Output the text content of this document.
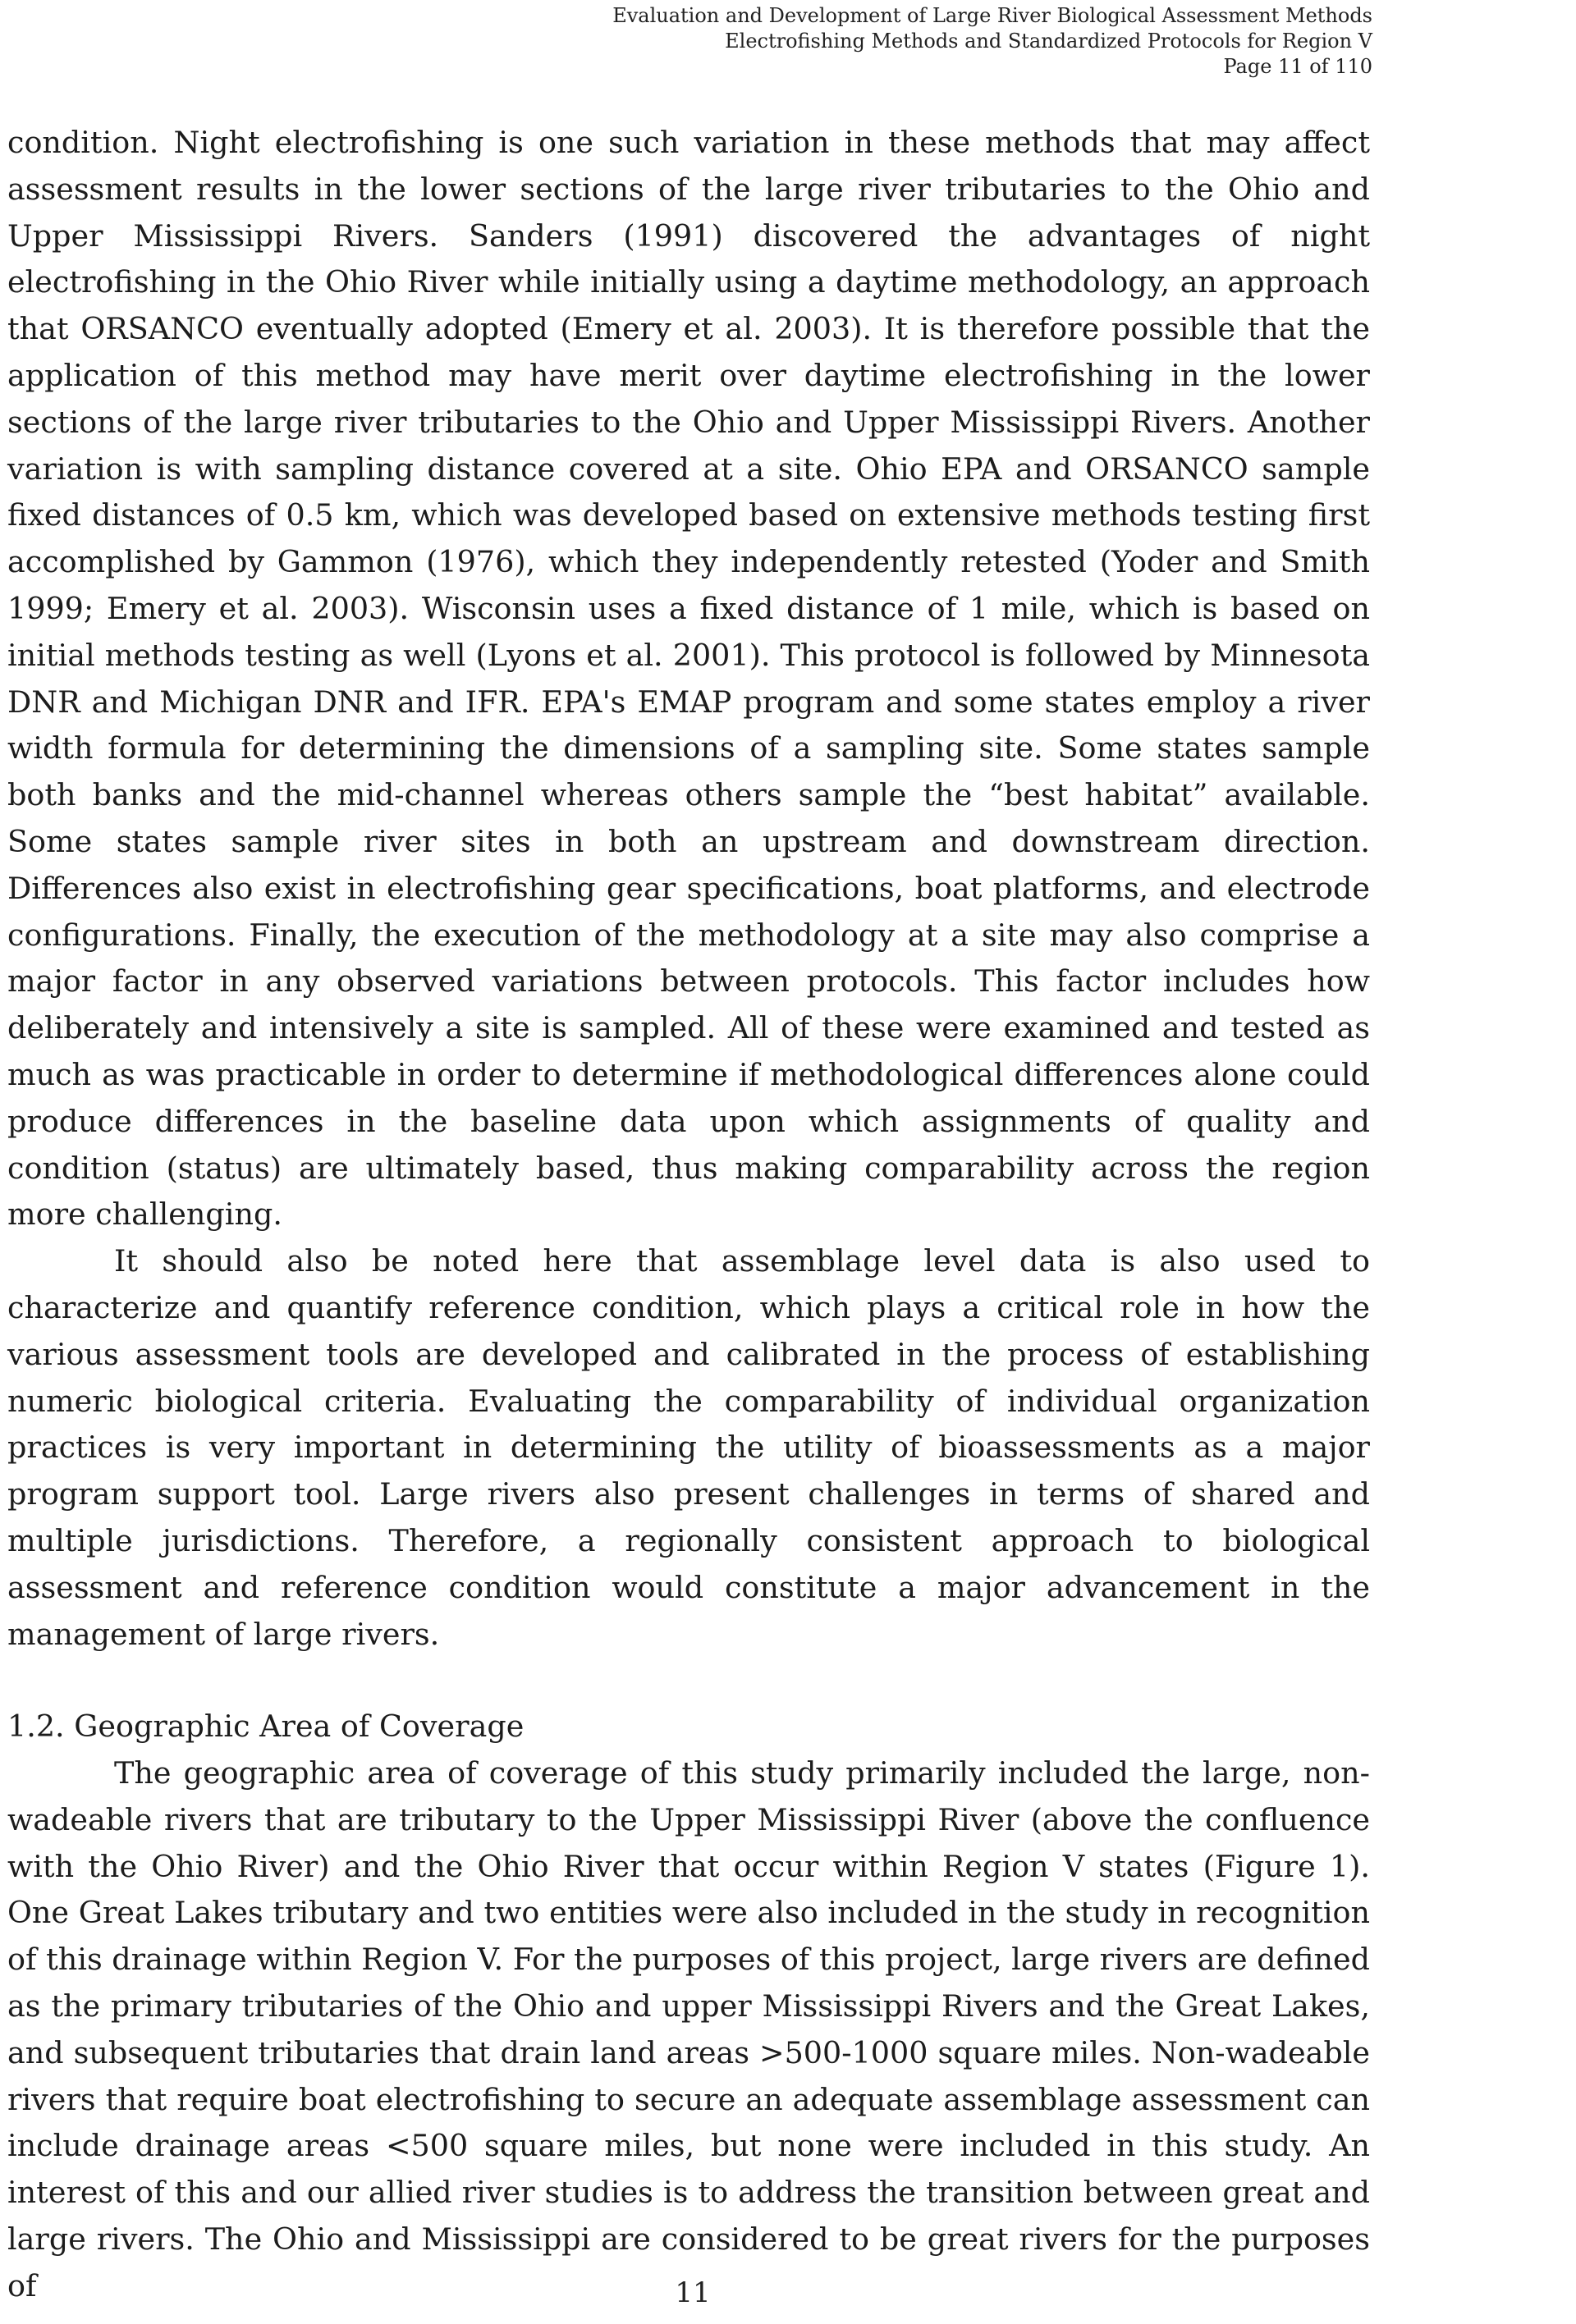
Evaluation and Development of Large River Biological Assessment Methods
Electrofishing Methods and Standardized Protocols for Region V
Page 11 of 110

condition. Night electrofishing is one such variation in these methods that may affect assessment results in the lower sections of the large river tributaries to the Ohio and Upper Mississippi Rivers. Sanders (1991) discovered the advantages of night electrofishing in the Ohio River while initially using a daytime methodology, an approach that ORSANCO eventually adopted (Emery et al. 2003). It is therefore possible that the application of this method may have merit over daytime electrofishing in the lower sections of the large river tributaries to the Ohio and Upper Mississippi Rivers. Another variation is with sampling distance covered at a site. Ohio EPA and ORSANCO sample fixed distances of 0.5 km, which was developed based on extensive methods testing first accomplished by Gammon (1976), which they independently retested (Yoder and Smith 1999; Emery et al. 2003). Wisconsin uses a fixed distance of 1 mile, which is based on initial methods testing as well (Lyons et al. 2001). This protocol is followed by Minnesota DNR and Michigan DNR and IFR. EPA's EMAP program and some states employ a river width formula for determining the dimensions of a sampling site. Some states sample both banks and the mid-channel whereas others sample the “best habitat” available. Some states sample river sites in both an upstream and downstream direction. Differences also exist in electrofishing gear specifications, boat platforms, and electrode configurations. Finally, the execution of the methodology at a site may also comprise a major factor in any observed variations between protocols. This factor includes how deliberately and intensively a site is sampled. All of these were examined and tested as much as was practicable in order to determine if methodological differences alone could produce differences in the baseline data upon which assignments of quality and condition (status) are ultimately based, thus making comparability across the region more challenging.

It should also be noted here that assemblage level data is also used to characterize and quantify reference condition, which plays a critical role in how the various assessment tools are developed and calibrated in the process of establishing numeric biological criteria. Evaluating the comparability of individual organization practices is very important in determining the utility of bioassessments as a major program support tool. Large rivers also present challenges in terms of shared and multiple jurisdictions. Therefore, a regionally consistent approach to biological assessment and reference condition would constitute a major advancement in the management of large rivers.

1.2. Geographic Area of Coverage

The geographic area of coverage of this study primarily included the large, non-wadeable rivers that are tributary to the Upper Mississippi River (above the confluence with the Ohio River) and the Ohio River that occur within Region V states (Figure 1). One Great Lakes tributary and two entities were also included in the study in recognition of this drainage within Region V. For the purposes of this project, large rivers are defined as the primary tributaries of the Ohio and upper Mississippi Rivers and the Great Lakes, and subsequent tributaries that drain land areas >500-1000 square miles. Non-wadeable rivers that require boat electrofishing to secure an adequate assemblage assessment can include drainage areas <500 square miles, but none were included in this study. An interest of this and our allied river studies is to address the transition between great and large rivers. The Ohio and Mississippi are considered to be great rivers for the purposes of	11
